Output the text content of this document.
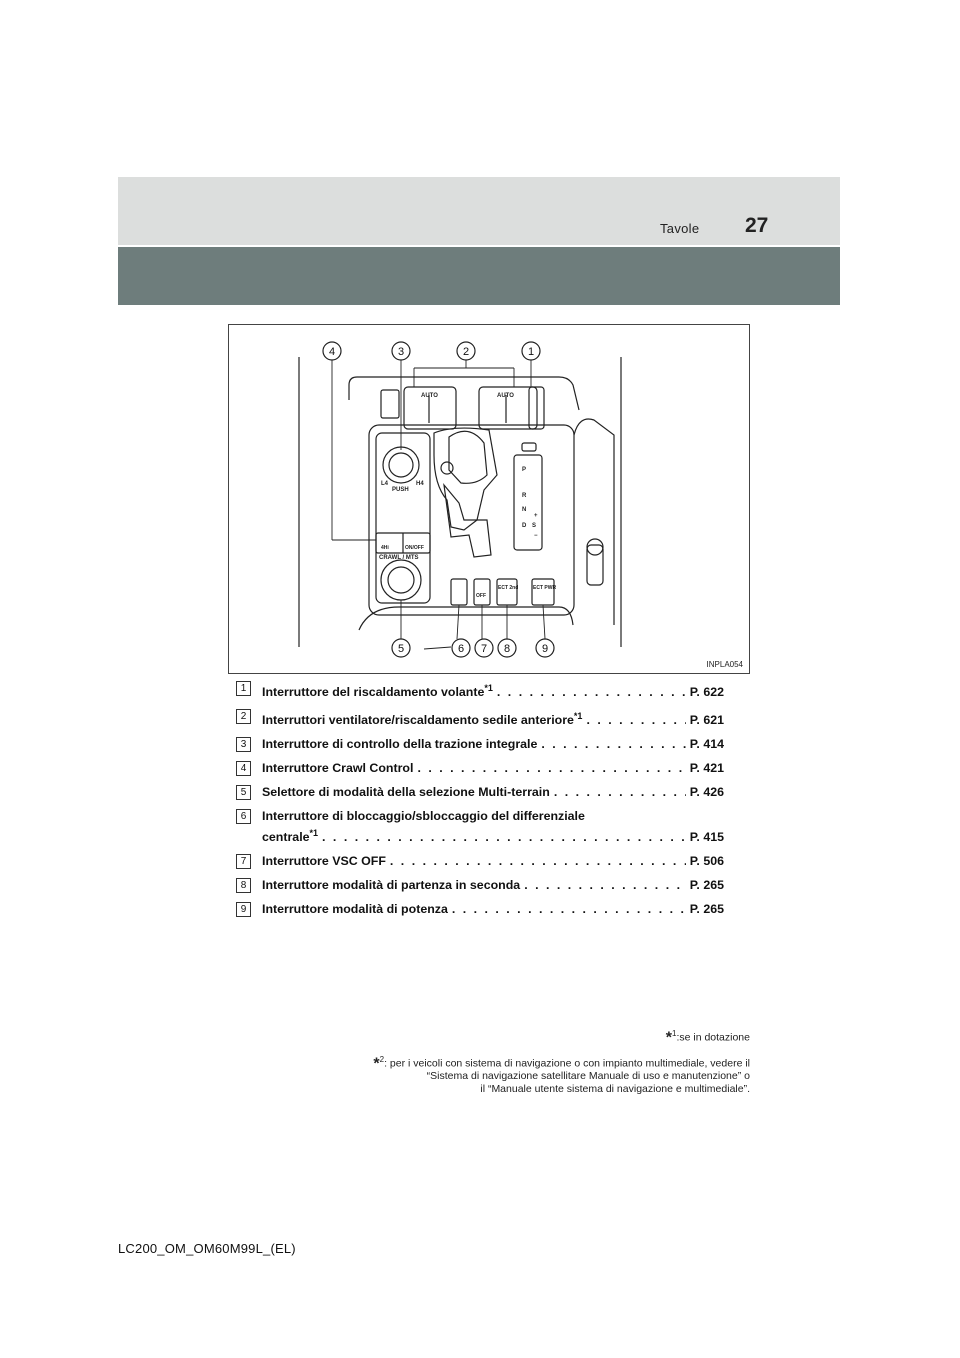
Tavole 27
4	3	2	1
5	6 7 8	9
P
R
N
D S
+
−
PUSH
L4	H4
CRAWL / MTS
AUTO	AUTO
ECT 2nd	ECT PWR
OFF
ON/OFF
4Hi
INPLA054
1	Interruttore del riscaldamento volante$^{*1}$ . . .	P. 622
2	Interruttori ventilatore/riscaldamento sedile anteriore$^{*1}$ . . .	P. 621
3	Interruttore di controllo della trazione integrale . . .	P. 414
4	Interruttore Crawl Control . . .	P. 421
5	Selettore di modalità della selezione Multi-terrain . . .	P. 426
6	Interruttore di bloccaggio/sbloccaggio del differenziale
centrale$^{*1}$ . . .	P. 415
7	Interruttore VSC OFF . . .	P. 506
8	Interruttore modalità di partenza in seconda . . .	P. 265
9	Interruttore modalità di potenza . . .	P. 265
*$^1$:se in dotazione
*$^2$: per i veicoli con sistema di navigazione o con impianto multimediale, vedere il
“Sistema di navigazione satellitare Manuale di uso e manutenzione” o
il “Manuale utente sistema di navigazione e multimediale”.
LC200_OM_OM60M99L_(EL)
